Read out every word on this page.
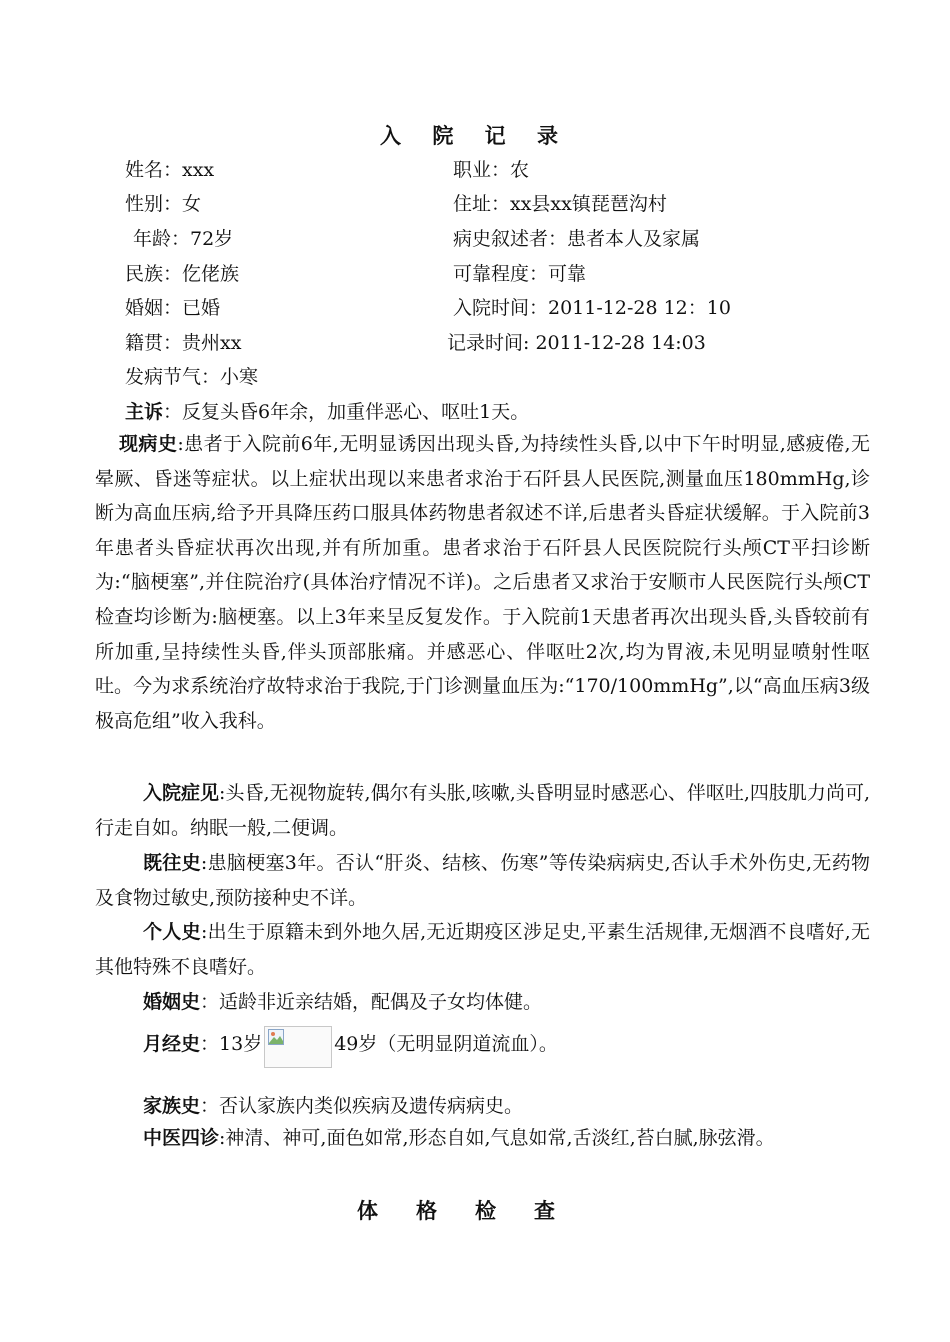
入 院 记 录
姓名：xxx	职业：农
性别：女	住址：xx县xx镇琵琶沟村
年龄：72岁	病史叙述者：患者本人及家属
民族：仡佬族	可靠程度：可靠
婚姻：已婚	入院时间：2011-12-28 12：10
籍贯：贵州xx	记录时间: 2011-12-28 14:03
发病节气：小寒
主诉：反复头昏6年余，加重伴恶心、呕吐1天。
现病史:患者于入院前6年,无明显诱因出现头昏,为持续性头昏,以中下午时明显,感疲倦,无晕厥、昏迷等症状。以上症状出现以来患者求治于石阡县人民医院,测量血压180mmHg,诊断为高血压病,给予开具降压药口服具体药物患者叙述不详,后患者头昏症状缓解。于入院前3年患者头昏症状再次出现,并有所加重。患者求治于石阡县人民医院院行头颅CT平扫诊断为:“脑梗塞”,并住院治疗(具体治疗情况不详)。之后患者又求治于安顺市人民医院行头颅CT检查均诊断为:脑梗塞。以上3年来呈反复发作。于入院前1天患者再次出现头昏,头昏较前有所加重,呈持续性头昏,伴头顶部胀痛。并感恶心、伴呕吐2次,均为胃液,未见明显喷射性呕吐。今为求系统治疗故特求治于我院,于门诊测量血压为:“170/100mmHg”,以“高血压病3级极高危组”收入我科。
入院症见:头昏,无视物旋转,偶尔有头胀,咳嗽,头昏明显时感恶心、伴呕吐,四肢肌力尚可,行走自如。纳眠一般,二便调。
既往史:患脑梗塞3年。否认“肝炎、结核、伤寒”等传染病病史,否认手术外伤史,无药物及食物过敏史,预防接种史不详。
个人史:出生于原籍未到外地久居,无近期疫区涉足史,平素生活规律,无烟酒不良嗜好,无其他特殊不良嗜好。
婚姻史：适龄非近亲结婚，配偶及子女均体健。
月经史：13岁	49岁（无明显阴道流血）。
家族史：否认家族内类似疾病及遗传病病史。
中医四诊:神清、神可,面色如常,形态自如,气息如常,舌淡红,苔白腻,脉弦滑。
体格检查
